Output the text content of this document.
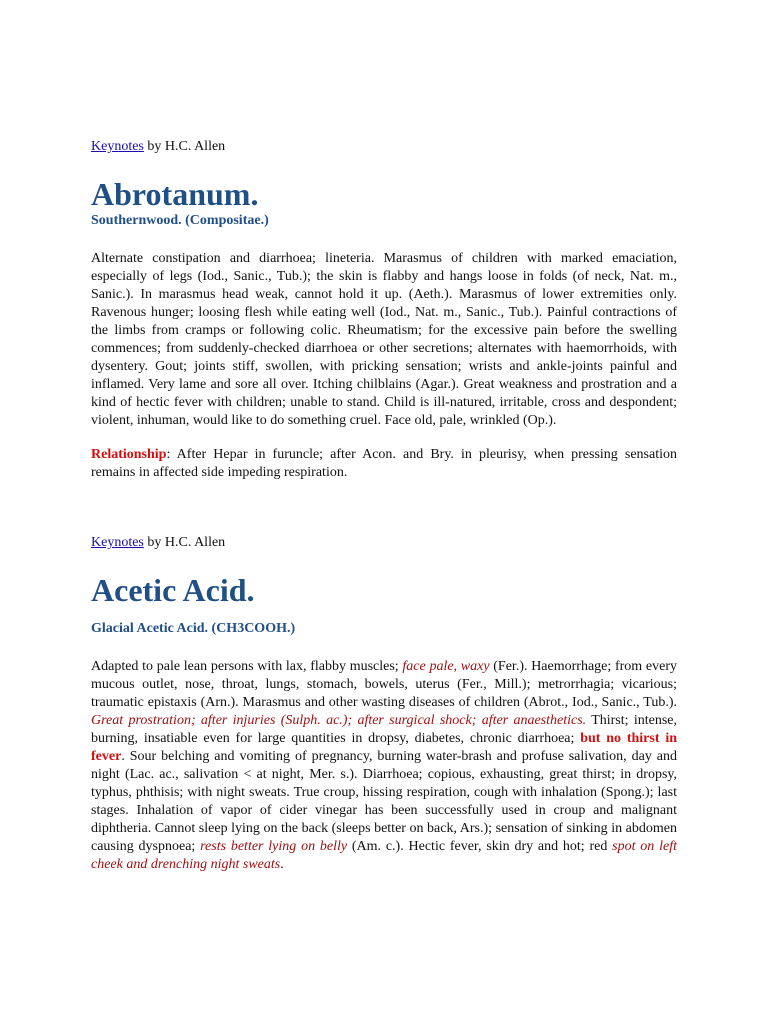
Keynotes by H.C. Allen

Abrotanum.
Southernwood. (Compositae.)

Alternate constipation and diarrhoea; lineteria. Marasmus of children with marked emaciation, especially of legs (Iod., Sanic., Tub.); the skin is flabby and hangs loose in folds (of neck, Nat. m., Sanic.). In marasmus head weak, cannot hold it up. (Aeth.). Marasmus of lower extremities only. Ravenous hunger; loosing flesh while eating well (Iod., Nat. m., Sanic., Tub.). Painful contractions of the limbs from cramps or following colic. Rheumatism; for the excessive pain before the swelling commences; from suddenly-checked diarrhoea or other secretions; alternates with haemorrhoids, with dysentery. Gout; joints stiff, swollen, with pricking sensation; wrists and ankle-joints painful and inflamed. Very lame and sore all over. Itching chilblains (Agar.). Great weakness and prostration and a kind of hectic fever with children; unable to stand. Child is ill-natured, irritable, cross and despondent; violent, inhuman, would like to do something cruel. Face old, pale, wrinkled (Op.).

Relationship: After Hepar in furuncle; after Acon. and Bry. in pleurisy, when pressing sensation remains in affected side impeding respiration.

Keynotes by H.C. Allen

Acetic Acid.
Glacial Acetic Acid. (CH3COOH.)

Adapted to pale lean persons with lax, flabby muscles; face pale, waxy (Fer.). Haemorrhage; from every mucous outlet, nose, throat, lungs, stomach, bowels, uterus (Fer., Mill.); metrorrhagia; vicarious; traumatic epistaxis (Arn.). Marasmus and other wasting diseases of children (Abrot., Iod., Sanic., Tub.). Great prostration; after injuries (Sulph. ac.); after surgical shock; after anaesthetics. Thirst; intense, burning, insatiable even for large quantities in dropsy, diabetes, chronic diarrhoea; but no thirst in fever. Sour belching and vomiting of pregnancy, burning water-brash and profuse salivation, day and night (Lac. ac., salivation < at night, Mer. s.). Diarrhoea; copious, exhausting, great thirst; in dropsy, typhus, phthisis; with night sweats. True croup, hissing respiration, cough with inhalation (Spong.); last stages. Inhalation of vapor of cider vinegar has been successfully used in croup and malignant diphtheria. Cannot sleep lying on the back (sleeps better on back, Ars.); sensation of sinking in abdomen causing dyspnoea; rests better lying on belly (Am. c.). Hectic fever, skin dry and hot; red spot on left cheek and drenching night sweats.
